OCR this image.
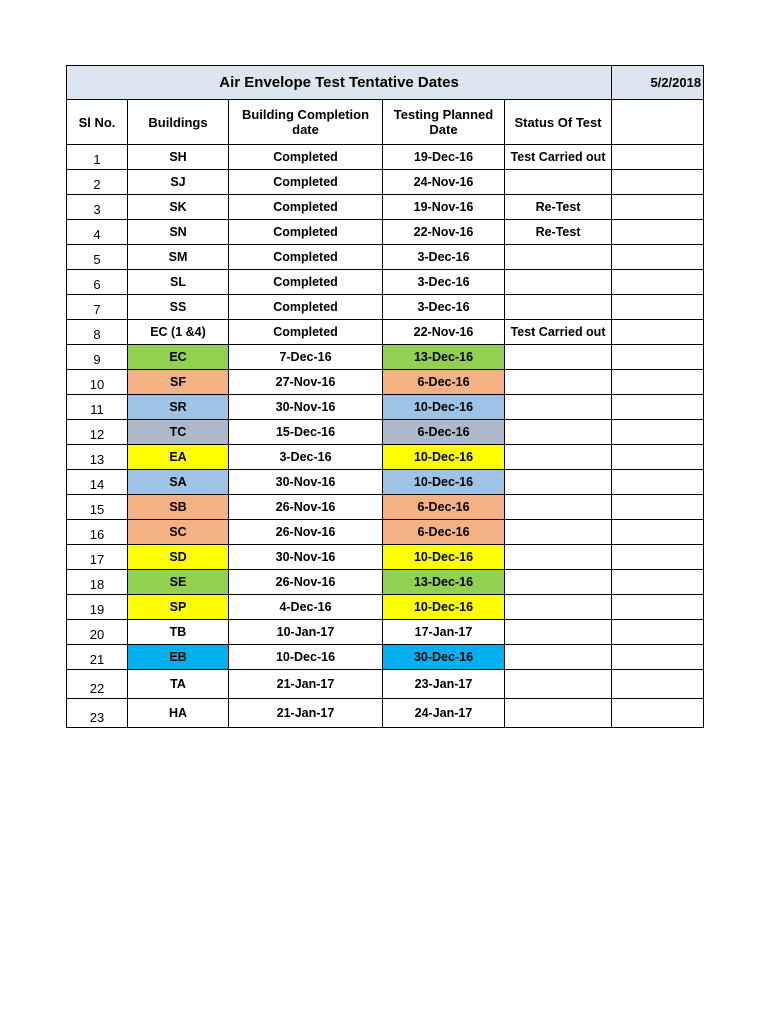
Air Envelope Test Tentative Dates					5/2/2018
Sl No.	Buildings	Building Completion date	Testing Planned Date	Status Of Test	
1	SH	Completed	19-Dec-16	Test Carried out	
2	SJ	Completed	24-Nov-16		
3	SK	Completed	19-Nov-16	Re-Test	
4	SN	Completed	22-Nov-16	Re-Test	
5	SM	Completed	3-Dec-16		
6	SL	Completed	3-Dec-16		
7	SS	Completed	3-Dec-16		
8	EC (1 &4)	Completed	22-Nov-16	Test Carried out	
9	EC	7-Dec-16	13-Dec-16		
10	SF	27-Nov-16	6-Dec-16		
11	SR	30-Nov-16	10-Dec-16		
12	TC	15-Dec-16	6-Dec-16		
13	EA	3-Dec-16	10-Dec-16		
14	SA	30-Nov-16	10-Dec-16		
15	SB	26-Nov-16	6-Dec-16		
16	SC	26-Nov-16	6-Dec-16		
17	SD	30-Nov-16	10-Dec-16		
18	SE	26-Nov-16	13-Dec-16		
19	SP	4-Dec-16	10-Dec-16		
20	TB	10-Jan-17	17-Jan-17		
21	EB	10-Dec-16	30-Dec-16		
22	TA	21-Jan-17	23-Jan-17		
23	HA	21-Jan-17	24-Jan-17		
